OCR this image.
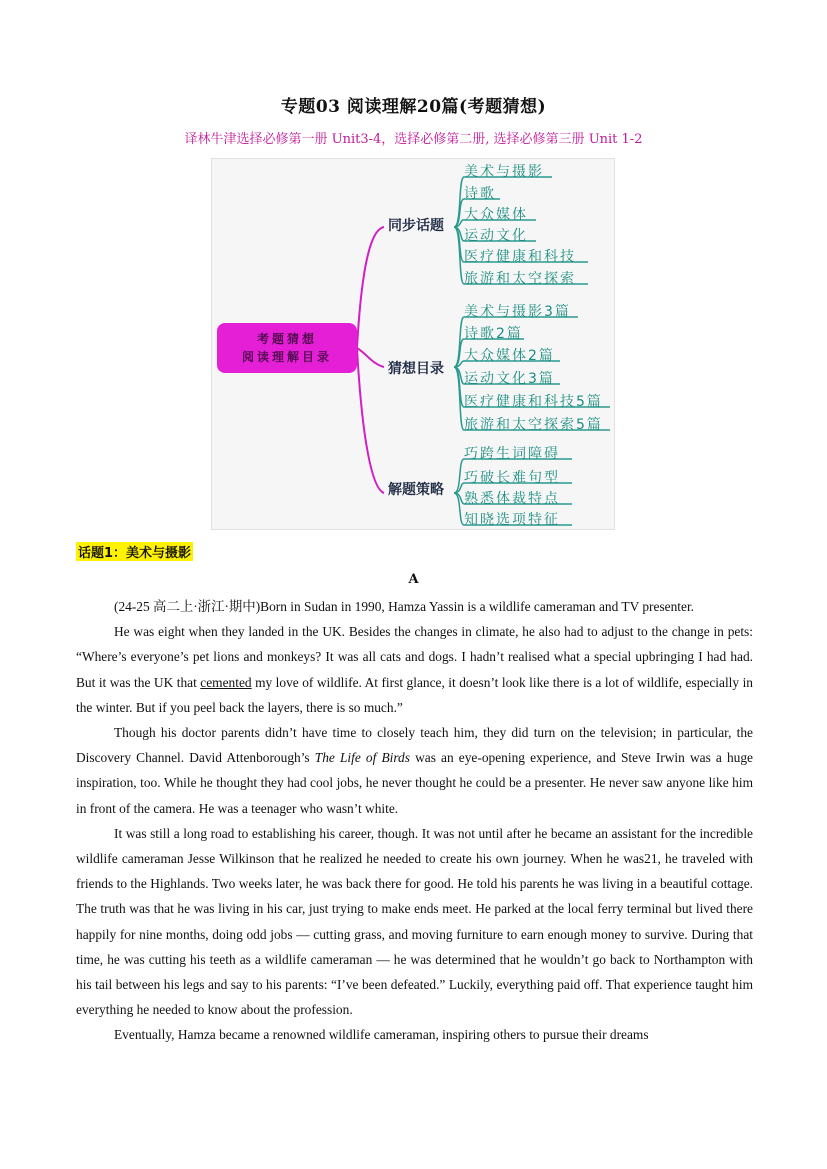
专题03 阅读理解20篇(考题猜想)
译林牛津选择必修第一册 Unit3-4，选择必修第二册, 选择必修第三册 Unit 1-2
考题猜想
阅读理解目录
同步话题
猜想目录
解题策略
美术与摄影
诗歌
大众媒体
运动文化
医疗健康和科技
旅游和太空探索
美术与摄影3篇
诗歌2篇
大众媒体2篇
运动文化3篇
医疗健康和科技5篇
旅游和太空探索5篇
巧跨生词障碍
巧破长难句型
熟悉体裁特点
知晓选项特征
话题1：美术与摄影
A

(24-25 高二上·浙江·期中)Born in Sudan in 1990, Hamza Yassin is a wildlife cameraman and TV presenter.

He was eight when they landed in the UK. Besides the changes in climate, he also had to adjust to the change in pets: “Where’s everyone’s pet lions and monkeys? It was all cats and dogs. I hadn’t realised what a special upbringing I had had. But it was the UK that cemented my love of wildlife. At first glance, it doesn’t look like there is a lot of wildlife, especially in the winter. But if you peel back the layers, there is so much.”

Though his doctor parents didn’t have time to closely teach him, they did turn on the television; in particular, the Discovery Channel. David Attenborough’s The Life of Birds was an eye-opening experience, and Steve Irwin was a huge inspiration, too. While he thought they had cool jobs, he never thought he could be a presenter. He never saw anyone like him in front of the camera. He was a teenager who wasn’t white.

It was still a long road to establishing his career, though. It was not until after he became an assistant for the incredible wildlife cameraman Jesse Wilkinson that he realized he needed to create his own journey. When he was21, he traveled with friends to the Highlands. Two weeks later, he was back there for good. He told his parents he was living in a beautiful cottage. The truth was that he was living in his car, just trying to make ends meet. He parked at the local ferry terminal but lived there happily for nine months, doing odd jobs — cutting grass, and moving furniture to earn enough money to survive. During that time, he was cutting his teeth as a wildlife cameraman — he was determined that he wouldn’t go back to Northampton with his tail between his legs and say to his parents: “I’ve been defeated.” Luckily, everything paid off. That experience taught him everything he needed to know about the profession.

Eventually, Hamza became a renowned wildlife cameraman, inspiring others to pursue their dreams
